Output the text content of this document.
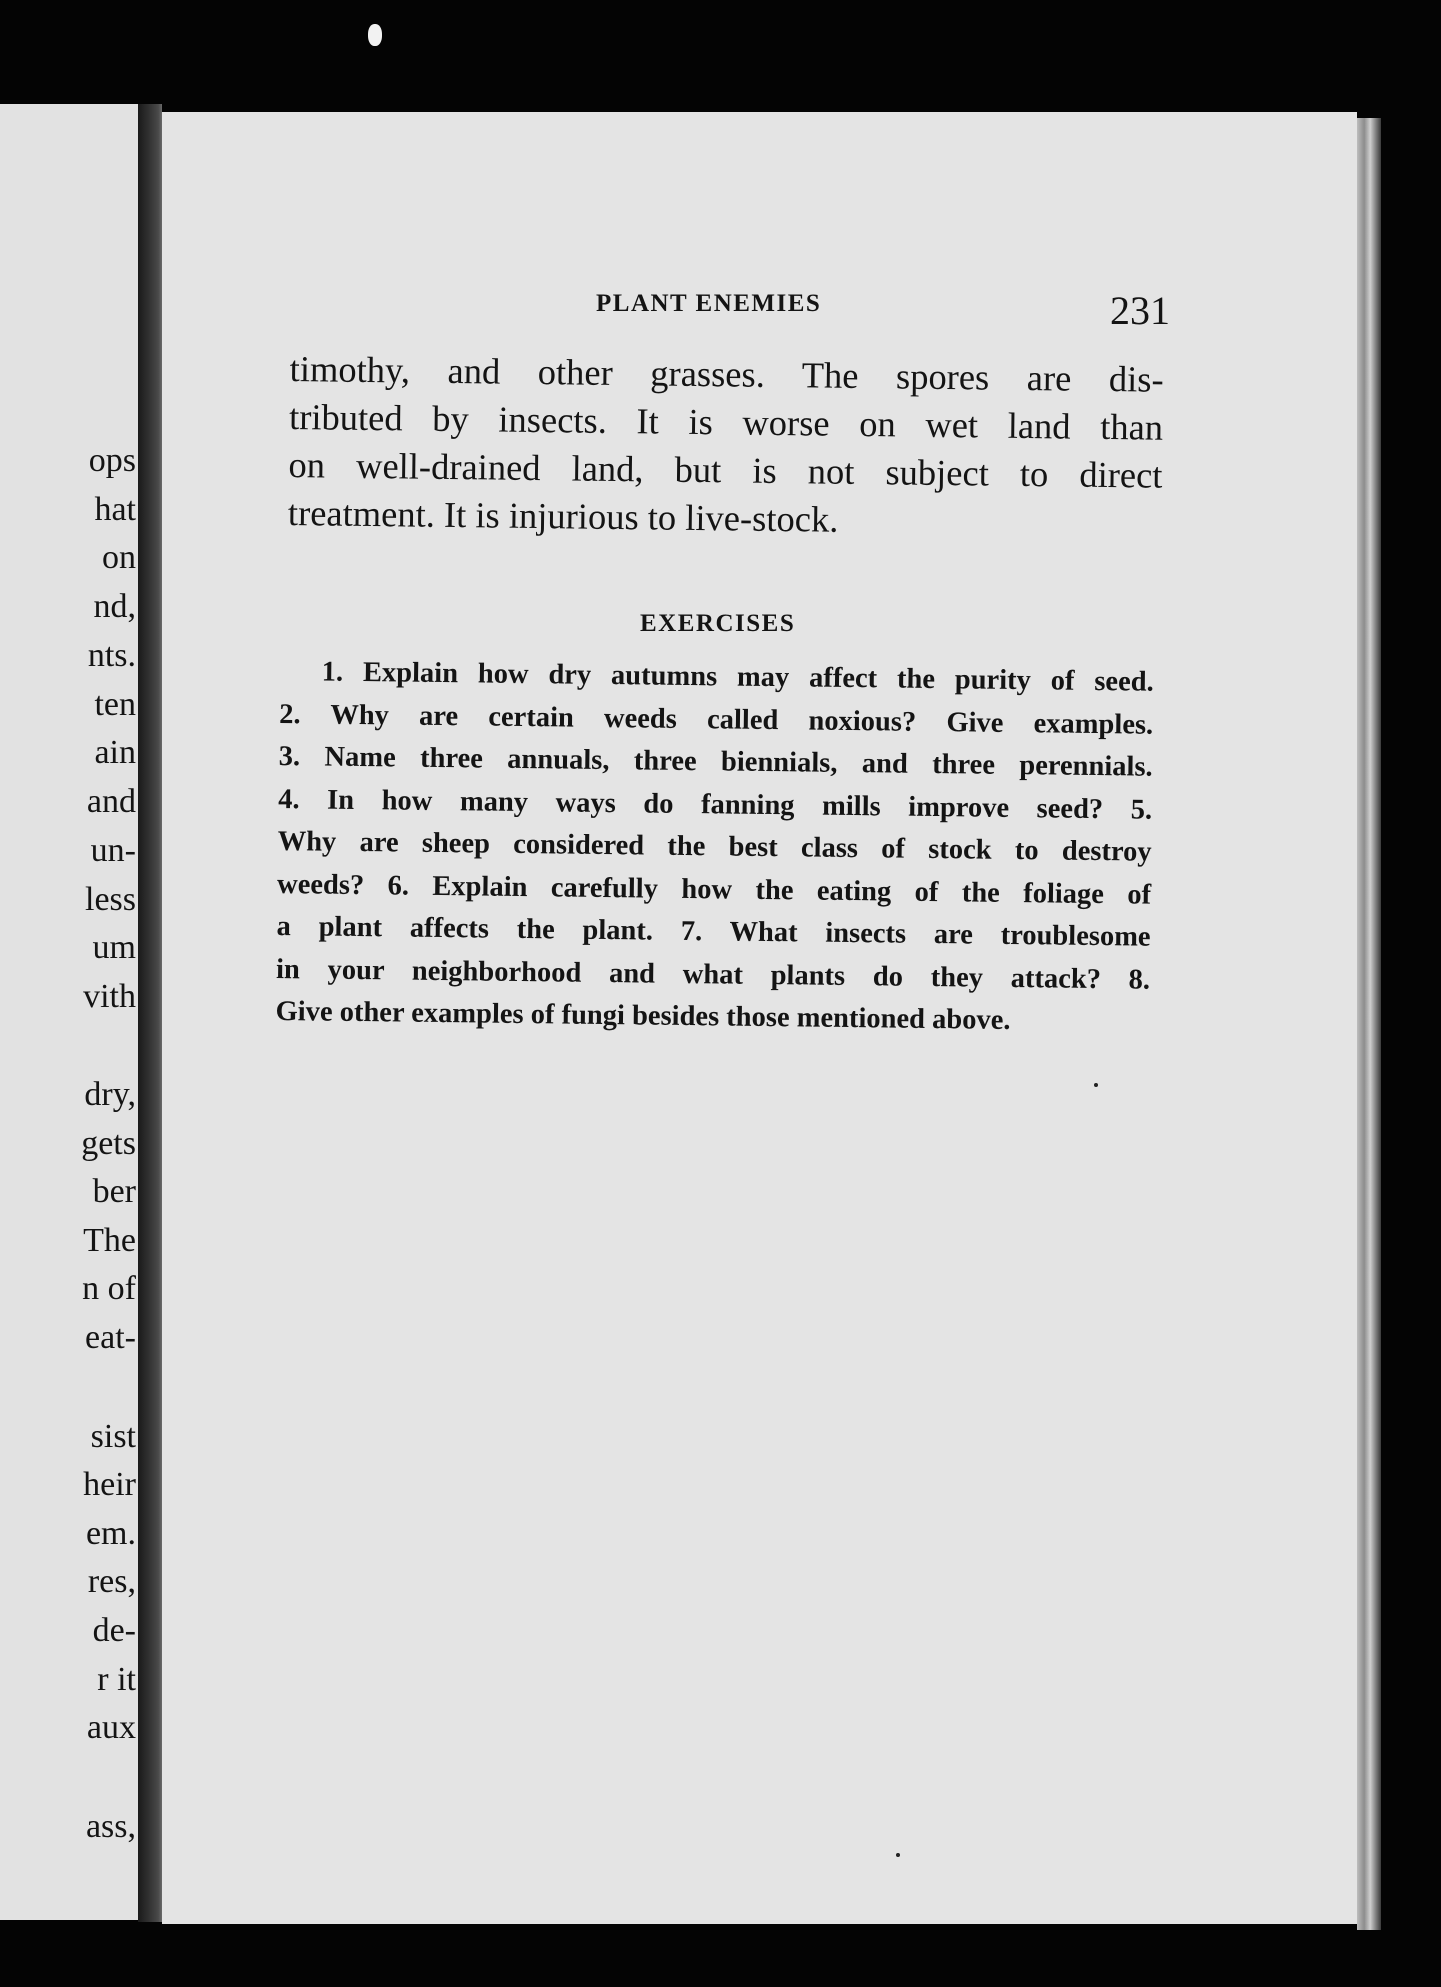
ops
hat
on
nd,
nts.
ten
ain
and
un-
less
um
vith
dry,
gets
ber
The
n of
eat-
sist
heir
em.
res,
de-
r it
aux
ass,
PLANT ENEMIES	231
timothy, and other grasses. The spores are dis-
tributed by insects. It is worse on wet land than
on well-drained land, but is not subject to direct
treatment. It is injurious to live-stock.
EXERCISES
1. Explain how dry autumns may affect the purity of seed.
2. Why are certain weeds called noxious? Give examples.
3. Name three annuals, three biennials, and three perennials.
4. In how many ways do fanning mills improve seed? 5.
Why are sheep considered the best class of stock to destroy
weeds? 6. Explain carefully how the eating of the foliage of
a plant affects the plant. 7. What insects are troublesome
in your neighborhood and what plants do they attack? 8.
Give other examples of fungi besides those mentioned above.
